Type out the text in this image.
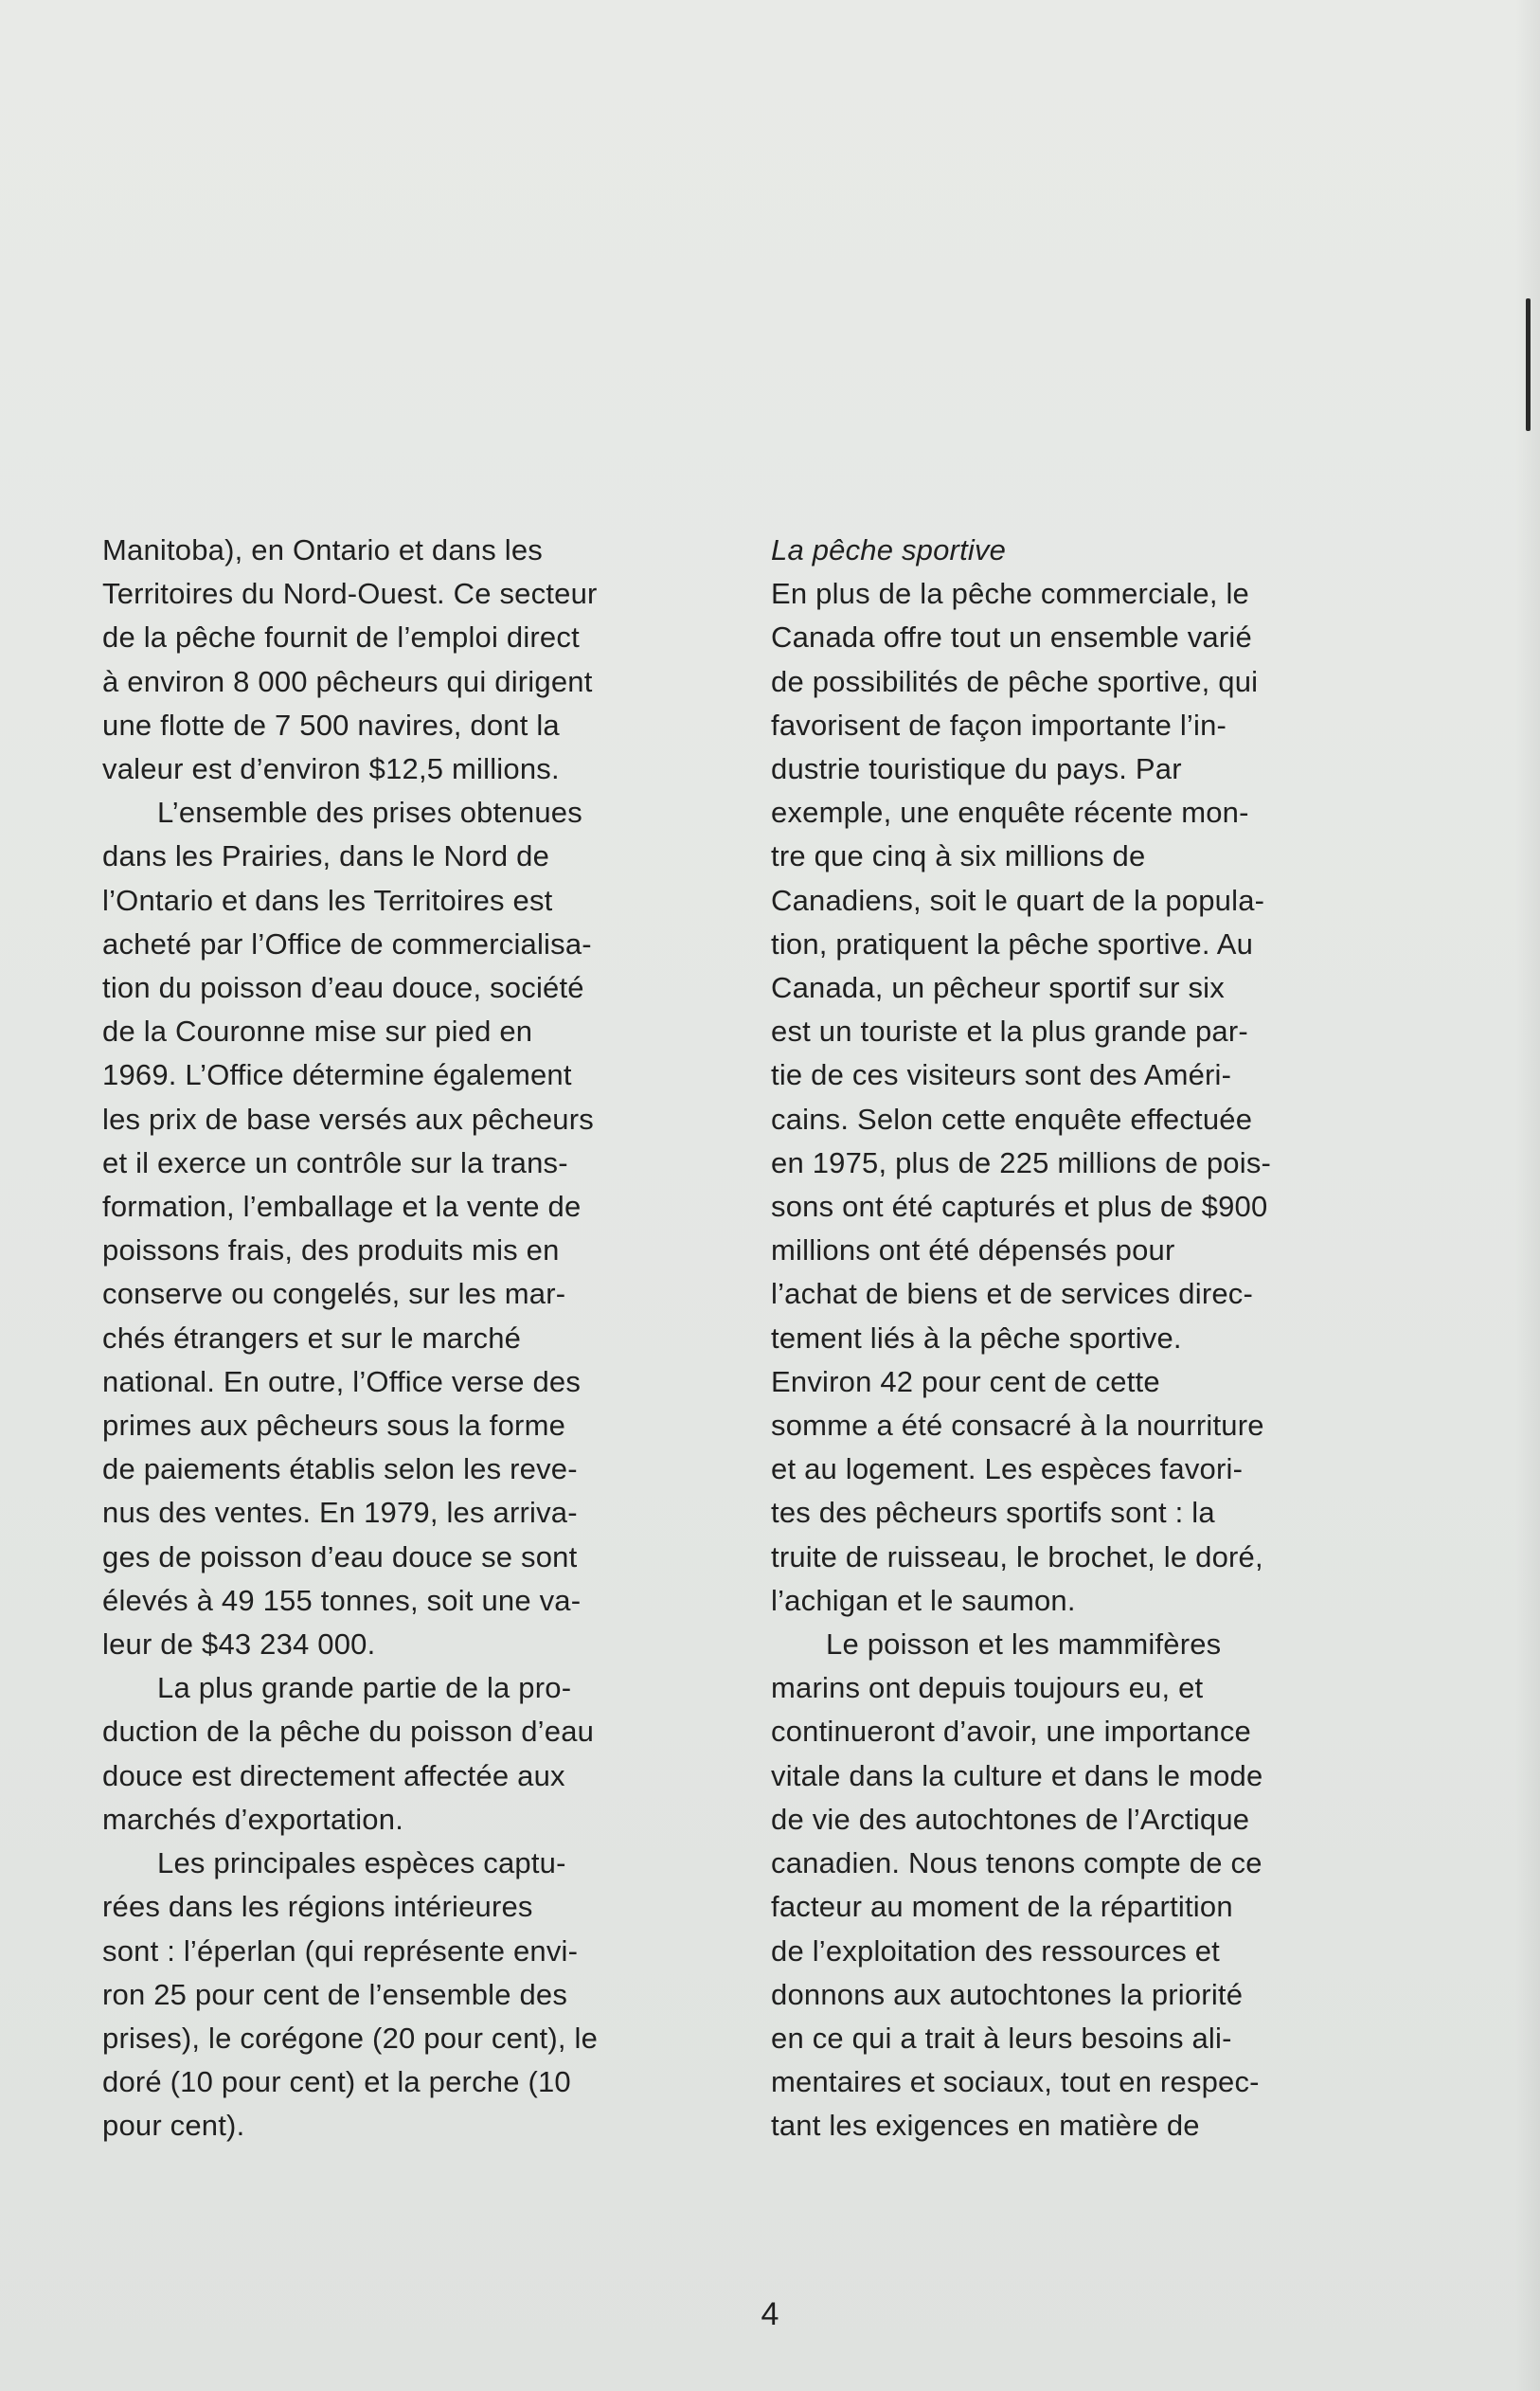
Manitoba), en Ontario et dans les
Territoires du Nord-Ouest. Ce secteur
de la pêche fournit de l’emploi direct
à environ 8 000 pêcheurs qui dirigent
une flotte de 7 500 navires, dont la
valeur est d’environ $12,5 millions.

L’ensemble des prises obtenues
dans les Prairies, dans le Nord de
l’Ontario et dans les Territoires est
acheté par l’Office de commercialisa-
tion du poisson d’eau douce, société
de la Couronne mise sur pied en
1969. L’Office détermine également
les prix de base versés aux pêcheurs
et il exerce un contrôle sur la trans-
formation, l’emballage et la vente de
poissons frais, des produits mis en
conserve ou congelés, sur les mar-
chés étrangers et sur le marché
national. En outre, l’Office verse des
primes aux pêcheurs sous la forme
de paiements établis selon les reve-
nus des ventes. En 1979, les arriva-
ges de poisson d’eau douce se sont
élevés à 49 155 tonnes, soit une va-
leur de $43 234 000.

La plus grande partie de la pro-
duction de la pêche du poisson d’eau
douce est directement affectée aux
marchés d’exportation.

Les principales espèces captu-
rées dans les régions intérieures
sont : l’éperlan (qui représente envi-
ron 25 pour cent de l’ensemble des
prises), le corégone (20 pour cent), le
doré (10 pour cent) et la perche (10
pour cent).

La pêche sportive

En plus de la pêche commerciale, le
Canada offre tout un ensemble varié
de possibilités de pêche sportive, qui
favorisent de façon importante l’in-
dustrie touristique du pays. Par
exemple, une enquête récente mon-
tre que cinq à six millions de
Canadiens, soit le quart de la popula-
tion, pratiquent la pêche sportive. Au
Canada, un pêcheur sportif sur six
est un touriste et la plus grande par-
tie de ces visiteurs sont des Améri-
cains. Selon cette enquête effectuée
en 1975, plus de 225 millions de pois-
sons ont été capturés et plus de $900
millions ont été dépensés pour
l’achat de biens et de services direc-
tement liés à la pêche sportive.
Environ 42 pour cent de cette
somme a été consacré à la nourriture
et au logement. Les espèces favori-
tes des pêcheurs sportifs sont : la
truite de ruisseau, le brochet, le doré,
l’achigan et le saumon.

Le poisson et les mammifères
marins ont depuis toujours eu, et
continueront d’avoir, une importance
vitale dans la culture et dans le mode
de vie des autochtones de l’Arctique
canadien. Nous tenons compte de ce
facteur au moment de la répartition
de l’exploitation des ressources et
donnons aux autochtones la priorité
en ce qui a trait à leurs besoins ali-
mentaires et sociaux, tout en respec-
tant les exigences en matière de

4
